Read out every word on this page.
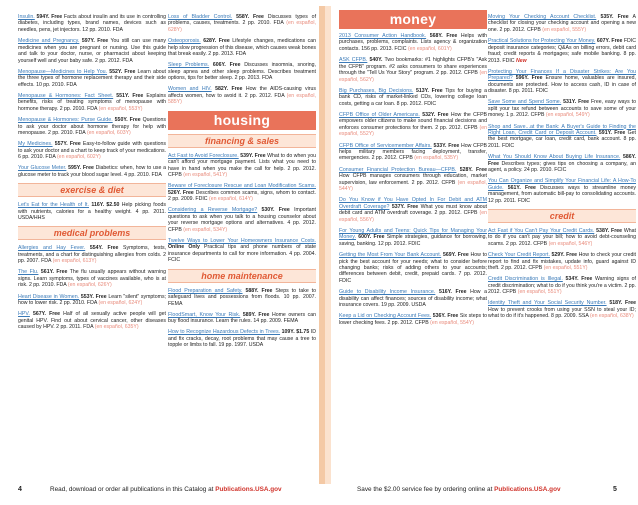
Insulin. 594Y. Free Facts about insulin and its use in controlling diabetes, including types, brand names, devices such as needles, pens, jet injectors. 12 pp. 2010. FDA
Medicine and Pregnancy. 597Y. Free You still can use many medicines when you are pregnant or nursing. Use this guide and talk to your doctor, nurse, or pharmacist about keeping yourself well and your baby safe. 2 pp. 2012. FDA
Menopause—Medicines to Help You. 552Y. Free Learn about the three types of hormone replacement therapy and their side effects. 10 pp. 2010. FDA
Menopause & Hormones: Fact Sheet. 551Y. Free Explains benefits, risks of treating symptoms of menopause with hormone therapy. 2 pp. 2010. FDA (en español, 553Y)
Menopause & Hormones: Purse Guide. 550Y. Free Questions to ask your doctor about hormone therapy for help with menopause. 2 pp. 2010. FDA (en español, 603Y)
My Medicines. 557Y. Free Easy-to-follow guide with questions to ask your doctor and a chart to keep track of your medications. 6 pp. 2010. FDA (en español, 602Y)
Your Glucose Meter. 595Y. Free Diabetics: when, how to use a glucose meter to track your blood sugar level. 4 pp. 2010. FDA
exercise & diet
Let's Eat for the Health of It. 116Y. $2.50 Help picking foods with nutrients, calories for a healthy weight. 4 pp. 2011. USDA/HHS
medical problems
Allergies and Hay Fever. 554Y. Free Symptoms, tests, treatments, and a chart for distinguishing allergies from colds. 2 pp. 2007. FDA (en español, 613Y)
The Flu. 561Y. Free The flu usually appears without warning signs. Learn symptoms, types of vaccines available, who is at risk. 2 pp. 2010. FDA (en español, 626Y)
Heart Disease in Women. 553Y. Free Learn "silent" symptoms; how to lower risk. 2 pp. 2010. FDA (en español, 624Y)
HPV. 567Y. Free Half of all sexually active people will get genital HPV. Find out about cervical cancer, other diseases caused by HPV. 2 pp. 2011. FDA (en español, 635Y)
Loss of Bladder Control. 558Y. Free Discusses types of problems, causes, treatments. 2 pp. 2010. FDA (en español, 628Y)
Osteoporosis. 628Y. Free Lifestyle changes, medications can help slow progression of this disease, which causes weak bones that break easily. 2 pp. 2013. FDA
Sleep Problems. 606Y. Free Discusses insomnia, snoring, sleep apnea and other sleep problems. Describes treatment options, tips for better sleep. 2 pp. 2013. FDA
Women and HIV. 582Y. Free How the AIDS-causing virus affects women, how to avoid it. 2 pp. 2012. FDA (en español, 585Y)
housing
financing & sales
Act Fast to Avoid Foreclosure. 539Y. Free What to do when you can't afford your mortgage payment. Lists what you need to have in hand when you make the call for help. 2 pp. 2012. CFPB (en español, 541Y)
Beware of Foreclosure Rescue and Loan Modification Scams. 526Y. Free Describes common scams, signs, whom to contact. 2 pp. 2009. FDIC (en español, 614Y)
Considering a Reverse Mortgage? 530Y. Free Important questions to ask when you talk to a housing counselor about your reverse mortgage options and alternatives. 4 pp. 2012. CFPB (en español, 534Y)
Twelve Ways to Lower Your Homeowners Insurance Costs. Online Only Practical tips and phone numbers of state insurance departments to call for more information. 4 pp. 2004. FCIC
home maintenance
Flood Preparation and Safety. 588Y. Free Steps to take to safeguard lives and possessions from floods. 10 pp. 2007. FEMA
FloodSmart, Know Your Risk. 589Y. Free Home owners can buy flood insurance. Learn the rules. 14 pp. 2009. FEMA
How to Recognize Hazardous Defects in Trees. 109Y. $1.75 ID and fix cracks, decay, root problems that may cause a tree to topple or limbs to fall. 19 pp. 1997. USDA
money
2013 Consumer Action Handbook. 568Y. Free Helps with purchases, problems, complaints. Lists agency & organization contacts. 156 pp. 2013. FCIC (en español, 601Y)
ASK CFPB. 540Y. Two bookmarks: #1 highlights CFPB's "Ask the CFPB" program. #2 asks consumers to share experiences through the "Tell Us Your Story" program. 2 pp. 2012. CFPB (en español, 562Y)
Big Purchases, Big Decisions. 513Y. Free Tips for buying a bank CD, risks of market-linked CDs, lowering college loan costs, getting a car loan. 8 pp. 2012. FDIC
CFPB Office of Older Americans. 532Y. Free How the CFPB empowers older citizens to make sound financial decisions and enforces consumer protections for them. 2 pp. 2012. CFPB (en español, 552Y)
CFPB Office of Servicemember Affairs. 533Y. Free How CFPB helps military members facing deployment, transfer, emergencies. 2 pp. 2012. CFPB (en español, 535Y)
Consumer Financial Protection Bureau—CFPB. 528Y. Free How CFPB manages consumers through education, market supervision, law enforcement. 2 pp. 2012. CFPB (en español, 544Y)
Do You Know if You Have Opted In For Debit and ATM Overdraft Coverage? 537Y. Free What you must know about debit card and ATM overdraft coverage. 2 pp. 2012. CFPB (en español, 556Y)
For Young Adults and Teens: Quick Tips for Managing Your Money. 600Y. Free Simple strategies, guidance for borrowing, saving, banking. 12 pp. 2012. FDIC
Getting the Most From Your Bank Account. 569Y. Free How to pick the best account for your needs; what to consider before changing banks; risks of adding others to your accounts; differences between debit, credit, prepaid cards. 7 pp. 2012. FDIC
Guide to Disability Income Insurance. 516Y. Free How a disability can affect finances; sources of disability income; what insurance covers. 19 pp. 2009. USDA
Keep a Lid on Checking Account Fees. 536Y. Free Six steps to lower checking fees. 2 pp. 2012. CFPB (en español, 554Y)
Moving Your Checking Account Checklist. 535Y. Free A checklist for closing your checking account and opening a new one. 2 pp. 2012. CFPB (en español, 555Y)
Practical Solutions for Protecting Your Money. 607Y. Free FDIC deposit insurance categories; Q&As on billing errors, debit card fraud; credit reports & mortgages; safe mobile banking. 8 pp. 2013. FDIC New
Protecting Your Finances If a Disaster Strikes: Are You Prepared? 596Y. Free Ensure home, valuables are insured, documents are protected. How to access cash, ID in case of disaster. 8 pp. 2011. FDIC
Save Some and Spend Some. 531Y. Free Free, easy ways to split your tax refund between accounts to save some of your money. 1 p. 2012. CFPB (en español, 549Y)
Shop and Save...at the Bank: A Buyer's Guide to Finding the Right Loan, Credit Card or Deposit Account. 591Y. Free Get the best mortgage, car loan, credit card, bank account. 8 pp. 2011. FDIC
What You Should Know About Buying Life Insurance. 586Y. Free Describes types; gives tips on choosing a company, an agent, a policy. 24 pp. 2010. FCIC
You Can Organize and Simplify Your Financial Life: A How-To Guide. 561Y. Free Discusses ways to streamline money management, from automatic bill-pay to consolidating accounts. 12 pp. 2011. FDIC
credit
Act Fast if You Can't Pay Your Credit Cards. 538Y. Free What to do if you can't pay your bill; how to avoid debt-counseling scams. 2 pp. 2012. CFPB (en español, 546Y)
Check Your Credit Report. 529Y. Free How to check your credit report to find and fix mistakes, update info, guard against ID theft. 2 pp. 2012. CFPB (en español, 551Y)
Credit Discrimination is Illegal. 534Y. Free Warning signs of credit discrimination; what to do if you think you're a victim. 2 pp. 2012. CFPB (en español, 551Y)
Identity Theft and Your Social Security Number. 518Y. Free How to prevent crooks from using your SSN to steal your ID; what to do if it's happened. 8 pp. 2009. SSA (en español, 638Y)
4	Read, download or order all publications in this Catalog at Publications.USA.gov	Save the $2.00 service fee by ordering online at Publications.USA.gov	5
